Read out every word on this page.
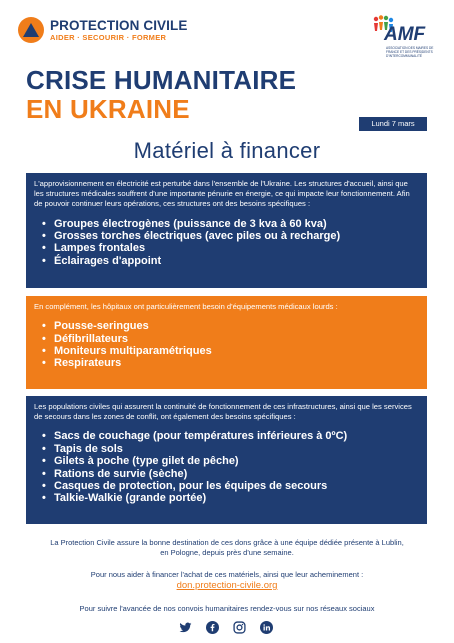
PROTECTION CIVILE
AIDER · SECOURIR · FORMER	AMF
ASSOCIATION DES MAIRES DE FRANCE ET DES PRÉSIDENTS D'INTERCOMMUNALITÉ
CRISE HUMANITAIRE
EN UKRAINE	Lundi 7 mars
Matériel à financer

L'approvisionnement en électricité est perturbé dans l'ensemble de l'Ukraine. Les structures d'accueil, ainsi que les structures médicales souffrent d'une importante pénurie en énergie, ce qui impacte leur fonctionnement. Afin de pouvoir continuer leurs opérations, ces structures ont des besoins spécifiques :

• Groupes électrogènes (puissance de 3 kva à 60 kva)
• Grosses torches électriques (avec piles ou à recharge)
• Lampes frontales
• Éclairages d'appoint

En complément, les hôpitaux ont particulièrement besoin d'équipements médicaux lourds :

• Pousse-seringues
• Défibrillateurs
• Moniteurs multiparamétriques
• Respirateurs

Les populations civiles qui assurent la continuité de fonctionnement de ces infrastructures, ainsi que les services de secours dans les zones de conflit, ont également des besoins spécifiques :

• Sacs de couchage (pour températures inférieures à 0ºC)
• Tapis de sols
• Gilets à poche (type gilet de pêche)
• Rations de survie (sèche)
• Casques de protection, pour les équipes de secours
• Talkie-Walkie (grande portée)

La Protection Civile assure la bonne destination de ces dons grâce à une équipe dédiée présente à Lublin, en Pologne, depuis près d'une semaine.

Pour nous aider à financer l'achat de ces matériels, ainsi que leur acheminement :

don.protection-civile.org

Pour suivre l'avancée de nos convois humanitaires rendez-vous sur nos réseaux sociaux
